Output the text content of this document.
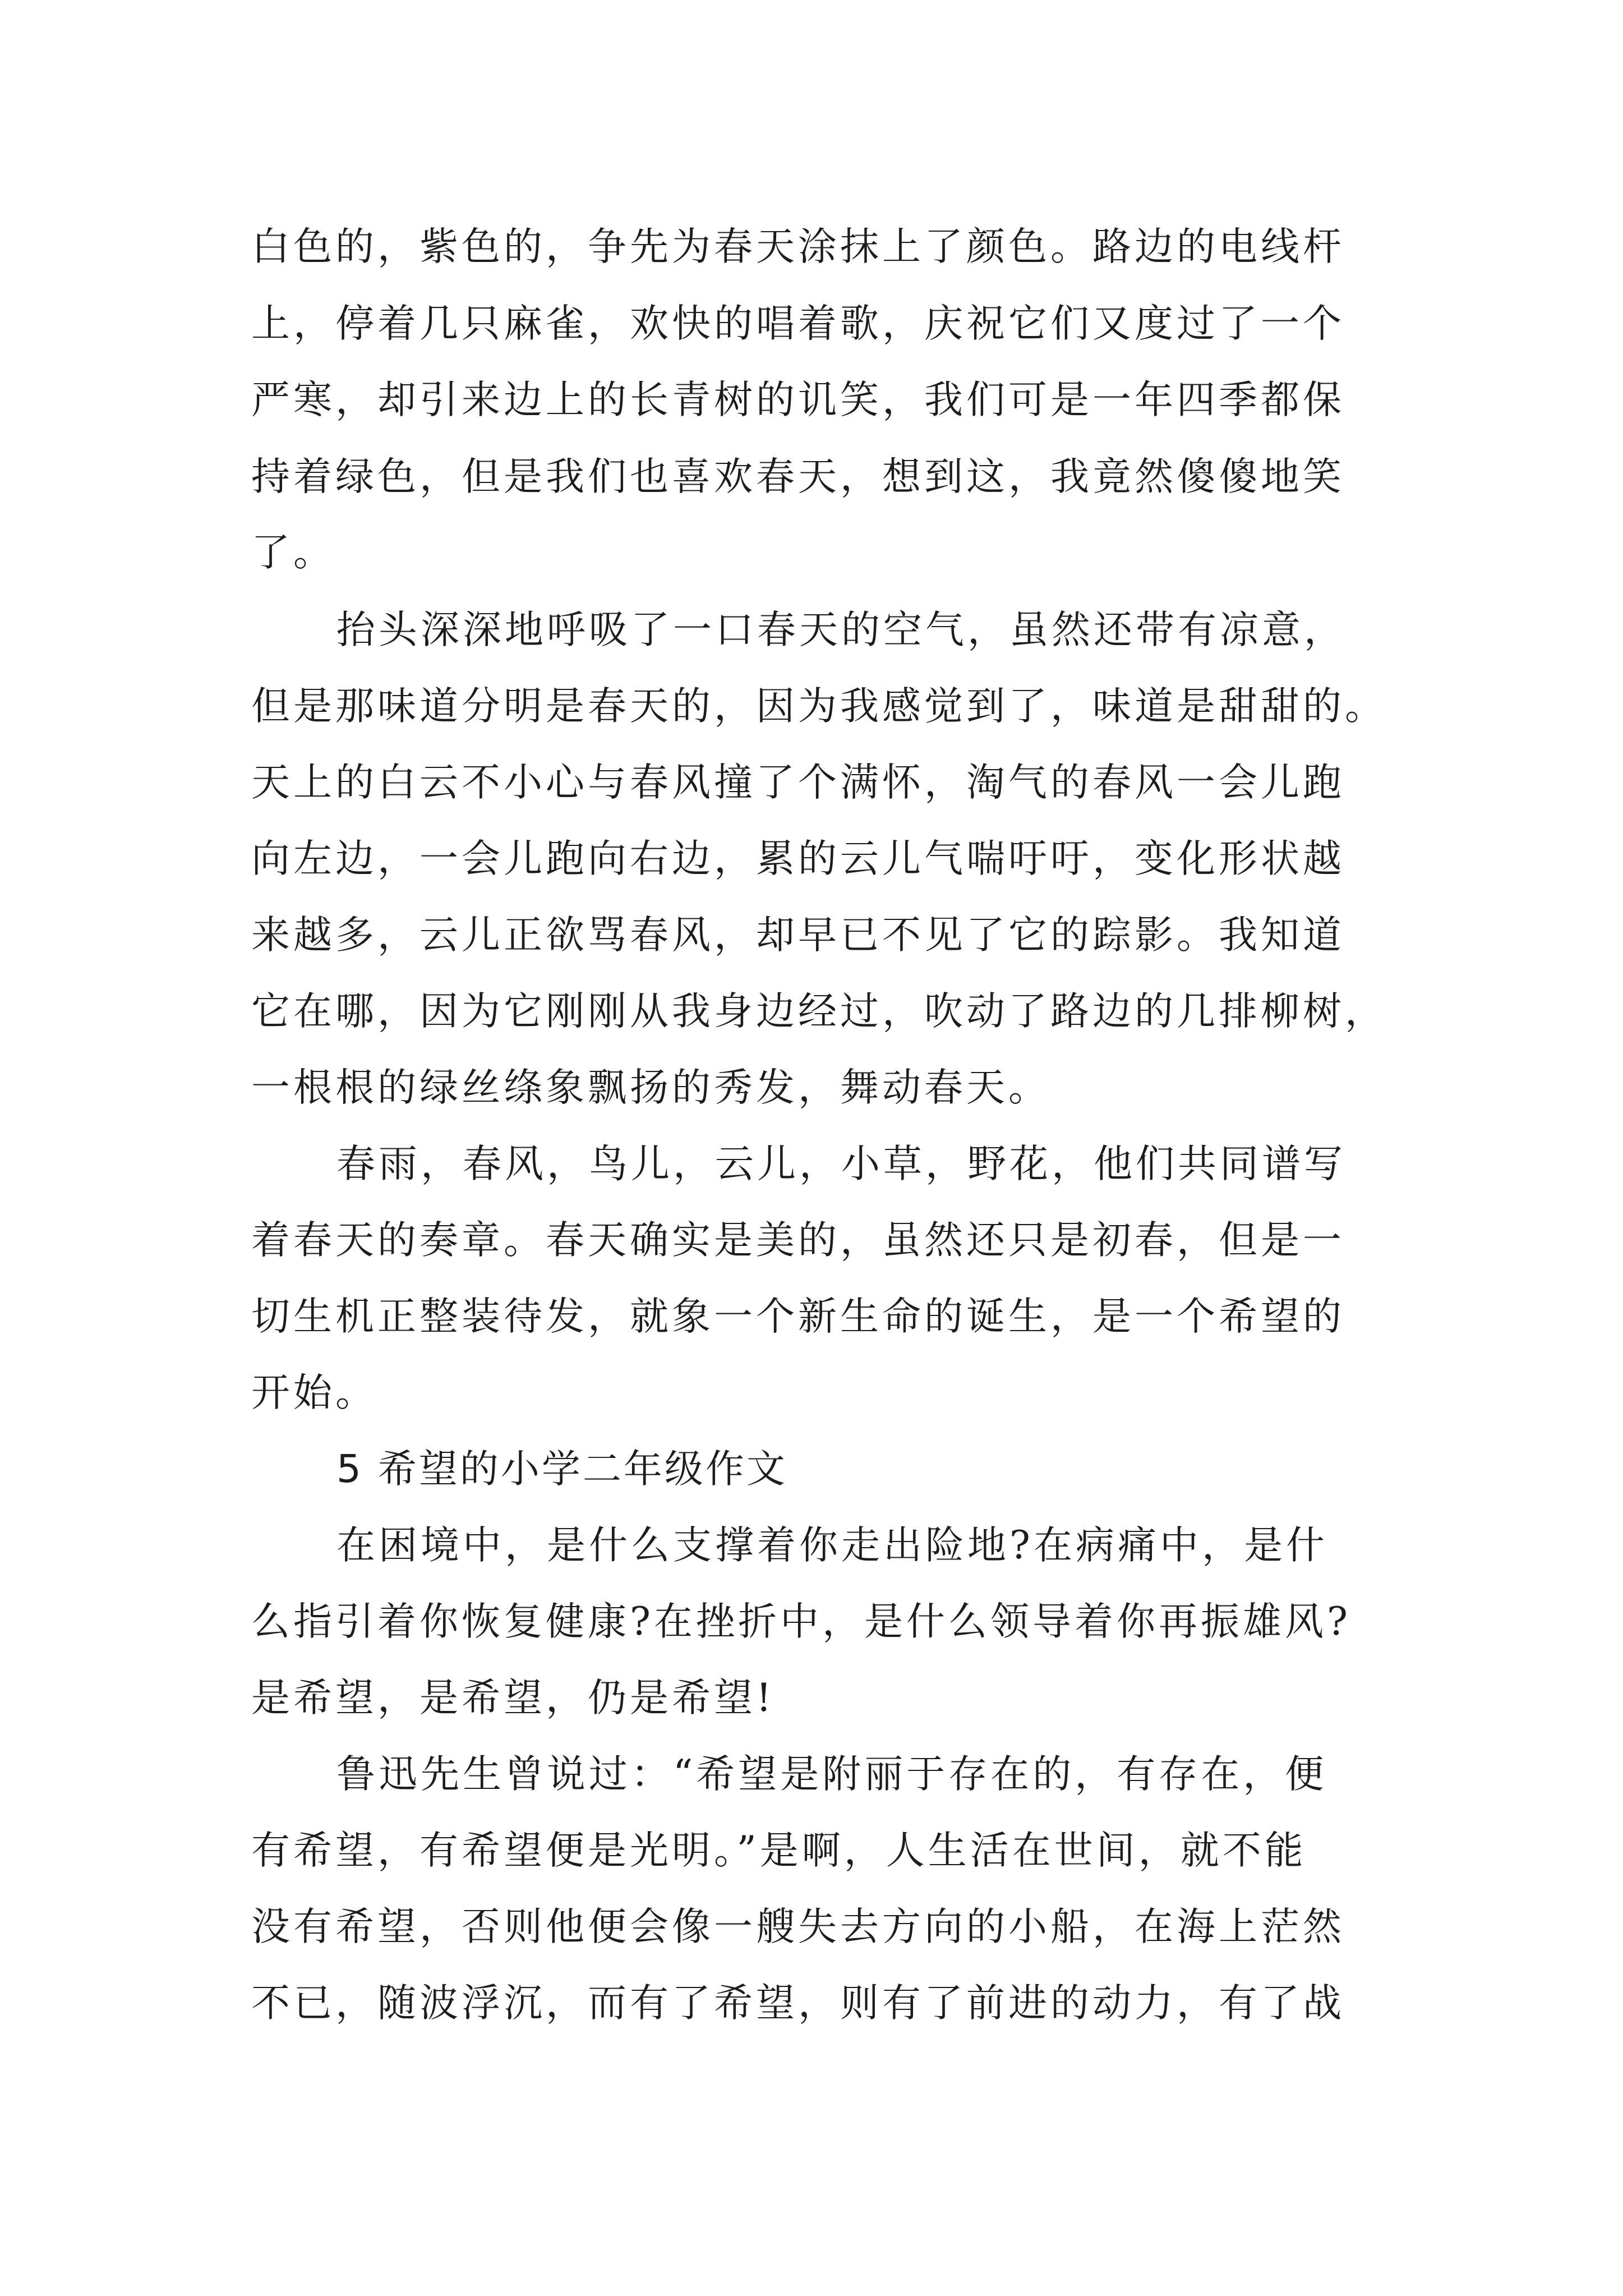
白色的，紫色的，争先为春天涂抹上了颜色。路边的电线杆
上，停着几只麻雀，欢快的唱着歌，庆祝它们又度过了一个
严寒，却引来边上的长青树的讥笑，我们可是一年四季都保
持着绿色，但是我们也喜欢春天，想到这，我竟然傻傻地笑
了。
抬头深深地呼吸了一口春天的空气，虽然还带有凉意，
但是那味道分明是春天的，因为我感觉到了，味道是甜甜的。
天上的白云不小心与春风撞了个满怀，淘气的春风一会儿跑
向左边，一会儿跑向右边，累的云儿气喘吁吁，变化形状越
来越多，云儿正欲骂春风，却早已不见了它的踪影。我知道
它在哪，因为它刚刚从我身边经过，吹动了路边的几排柳树，
一根根的绿丝绦象飘扬的秀发，舞动春天。
春雨，春风，鸟儿，云儿，小草，野花，他们共同谱写
着春天的奏章。春天确实是美的，虽然还只是初春，但是一
切生机正整装待发，就象一个新生命的诞生，是一个希望的
开始。
5 希望的小学二年级作文
在困境中，是什么支撑着你走出险地?在病痛中，是什
么指引着你恢复健康?在挫折中，是什么领导着你再振雄风?
是希望，是希望，仍是希望!
鲁迅先生曾说过：“希望是附丽于存在的，有存在，便
有希望，有希望便是光明。”是啊，人生活在世间，就不能
没有希望，否则他便会像一艘失去方向的小船，在海上茫然
不已，随波浮沉，而有了希望，则有了前进的动力，有了战
